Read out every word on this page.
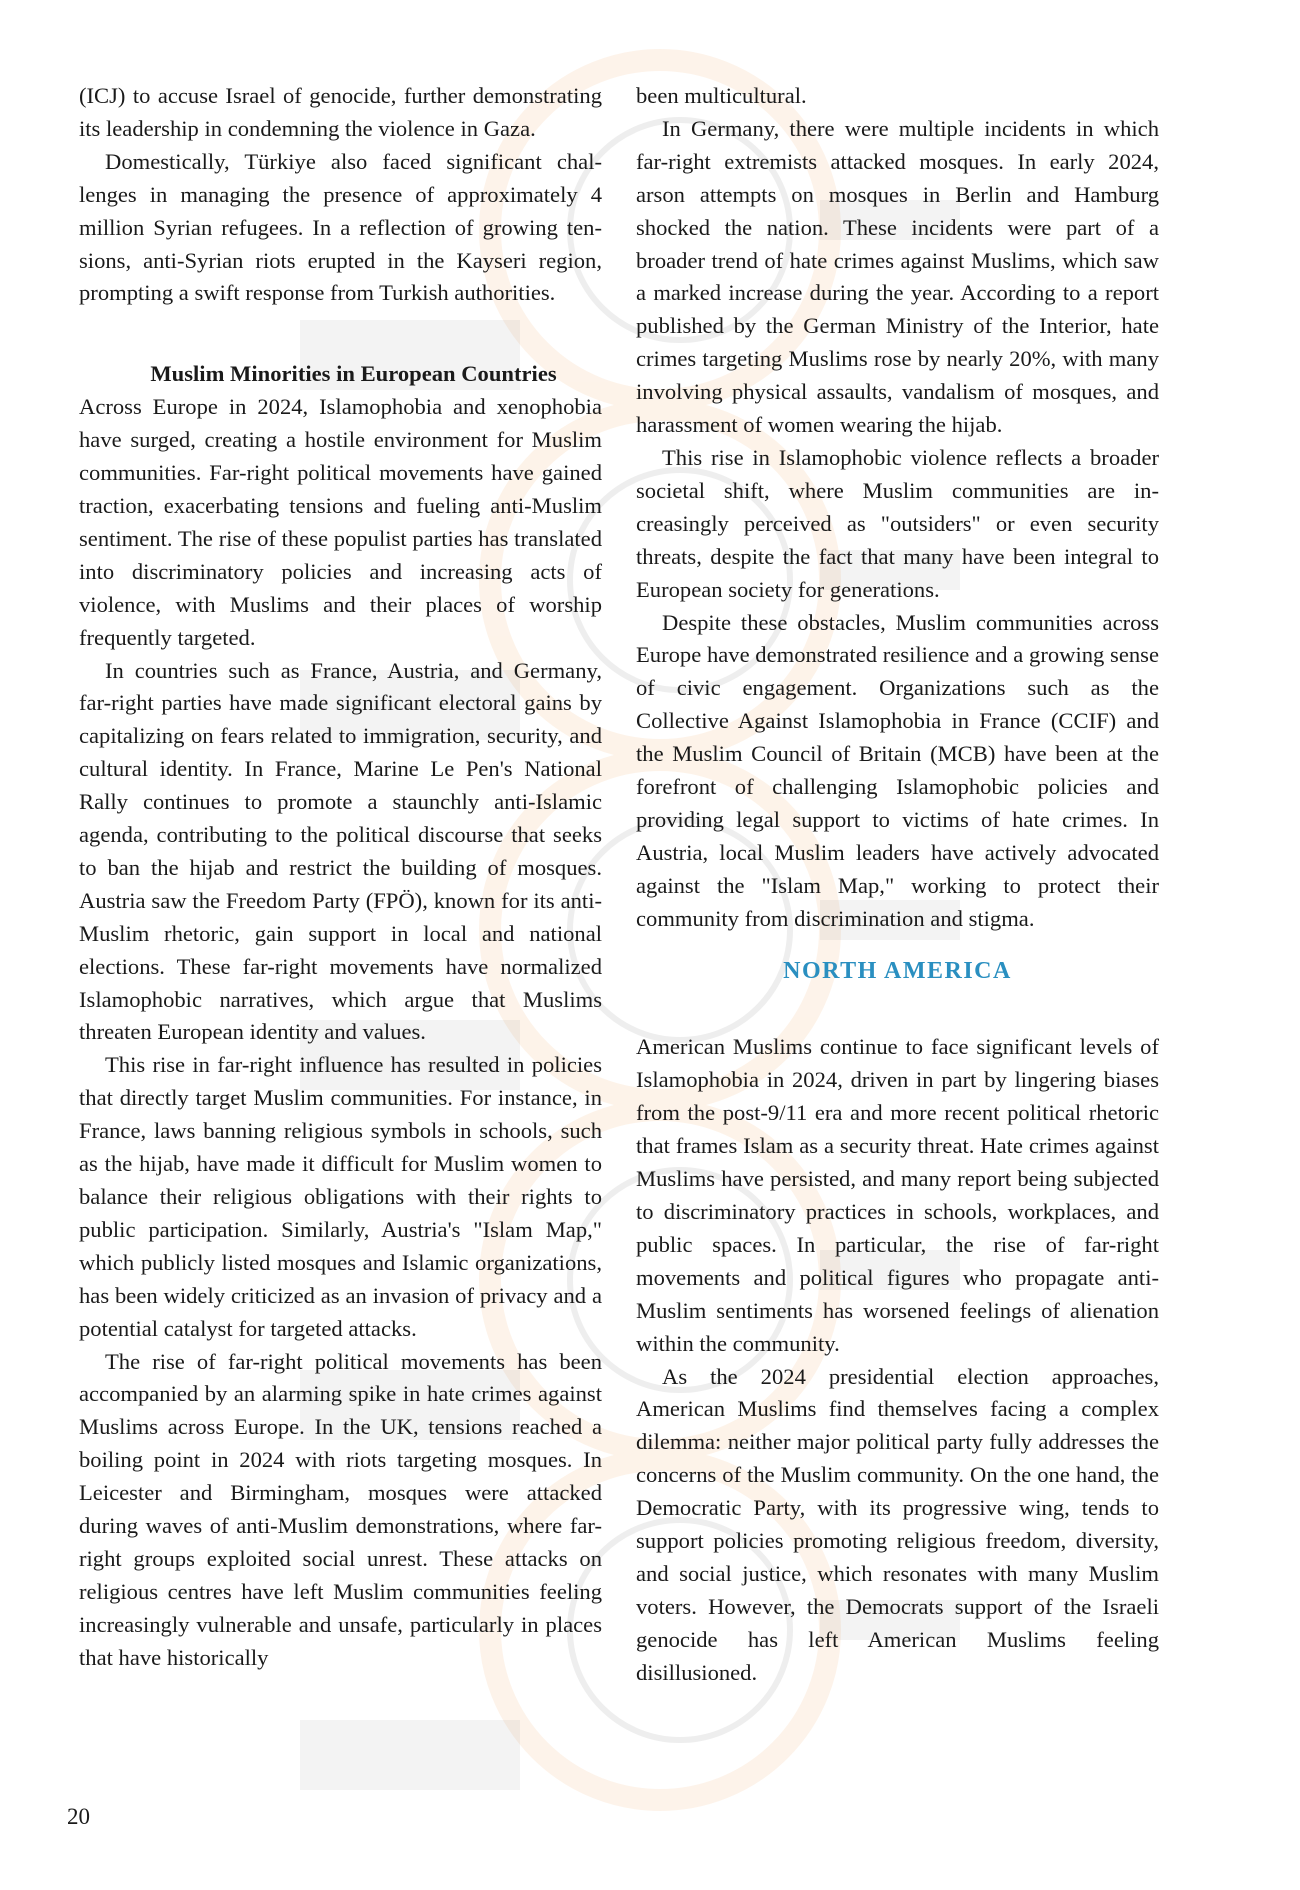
(ICJ) to accuse Israel of genocide, further demonstrating its leadership in condemning the violence in Gaza.

Domestically, Türkiye also faced significant challenges in managing the presence of approximately 4 million Syrian refugees. In a reflection of growing tensions, anti-Syrian riots erupted in the Kayseri region, prompting a swift response from Turkish authorities.

Muslim Minorities in European Countries

Across Europe in 2024, Islamophobia and xenophobia have surged, creating a hostile environment for Muslim communities. Far-right political movements have gained traction, exacerbating tensions and fueling anti-Muslim sentiment. The rise of these populist parties has translated into discriminatory policies and increasing acts of violence, with Muslims and their places of worship frequently targeted.

In countries such as France, Austria, and Germany, far-right parties have made significant electoral gains by capitalizing on fears related to immigration, security, and cultural identity. In France, Marine Le Pen's National Rally continues to promote a staunchly anti-Islamic agenda, contributing to the political discourse that seeks to ban the hijab and restrict the building of mosques. Austria saw the Freedom Party (FPÖ), known for its anti-Muslim rhetoric, gain support in local and national elections. These far-right movements have normalized Islamophobic narratives, which argue that Muslims threaten European identity and values.

This rise in far-right influence has resulted in policies that directly target Muslim communities. For instance, in France, laws banning religious symbols in schools, such as the hijab, have made it difficult for Muslim women to balance their religious obligations with their rights to public participation. Similarly, Austria's "Islam Map," which publicly listed mosques and Islamic organizations, has been widely criticized as an invasion of privacy and a potential catalyst for targeted attacks.

The rise of far-right political movements has been accompanied by an alarming spike in hate crimes against Muslims across Europe. In the UK, tensions reached a boiling point in 2024 with riots targeting mosques. In Leicester and Birmingham, mosques were attacked during waves of anti-Muslim demonstrations, where far-right groups exploited social unrest. These attacks on religious centres have left Muslim communities feeling increasingly vulnerable and unsafe, particularly in places that have historically

been multicultural.

In Germany, there were multiple incidents in which far-right extremists attacked mosques. In early 2024, arson attempts on mosques in Berlin and Hamburg shocked the nation. These incidents were part of a broader trend of hate crimes against Muslims, which saw a marked increase during the year. According to a report published by the German Ministry of the Interior, hate crimes targeting Muslims rose by nearly 20%, with many involving physical assaults, vandalism of mosques, and harassment of women wearing the hijab.

This rise in Islamophobic violence reflects a broader societal shift, where Muslim communities are increasingly perceived as "outsiders" or even security threats, despite the fact that many have been integral to European society for generations.

Despite these obstacles, Muslim communities across Europe have demonstrated resilience and a growing sense of civic engagement. Organizations such as the Collective Against Islamophobia in France (CCIF) and the Muslim Council of Britain (MCB) have been at the forefront of challenging Islamophobic policies and providing legal support to victims of hate crimes. In Austria, local Muslim leaders have actively advocated against the "Islam Map," working to protect their community from discrimination and stigma.

NORTH AMERICA

American Muslims continue to face significant levels of Islamophobia in 2024, driven in part by lingering biases from the post-9/11 era and more recent political rhetoric that frames Islam as a security threat. Hate crimes against Muslims have persisted, and many report being subjected to discriminatory practices in schools, workplaces, and public spaces. In particular, the rise of far-right movements and political figures who propagate anti-Muslim sentiments has worsened feelings of alienation within the community.

As the 2024 presidential election approaches, American Muslims find themselves facing a complex dilemma: neither major political party fully addresses the concerns of the Muslim community. On the one hand, the Democratic Party, with its progressive wing, tends to support policies promoting religious freedom, diversity, and social justice, which resonates with many Muslim voters. However, the Democrats support of the Israeli genocide has left American Muslims feeling disillusioned.

20
